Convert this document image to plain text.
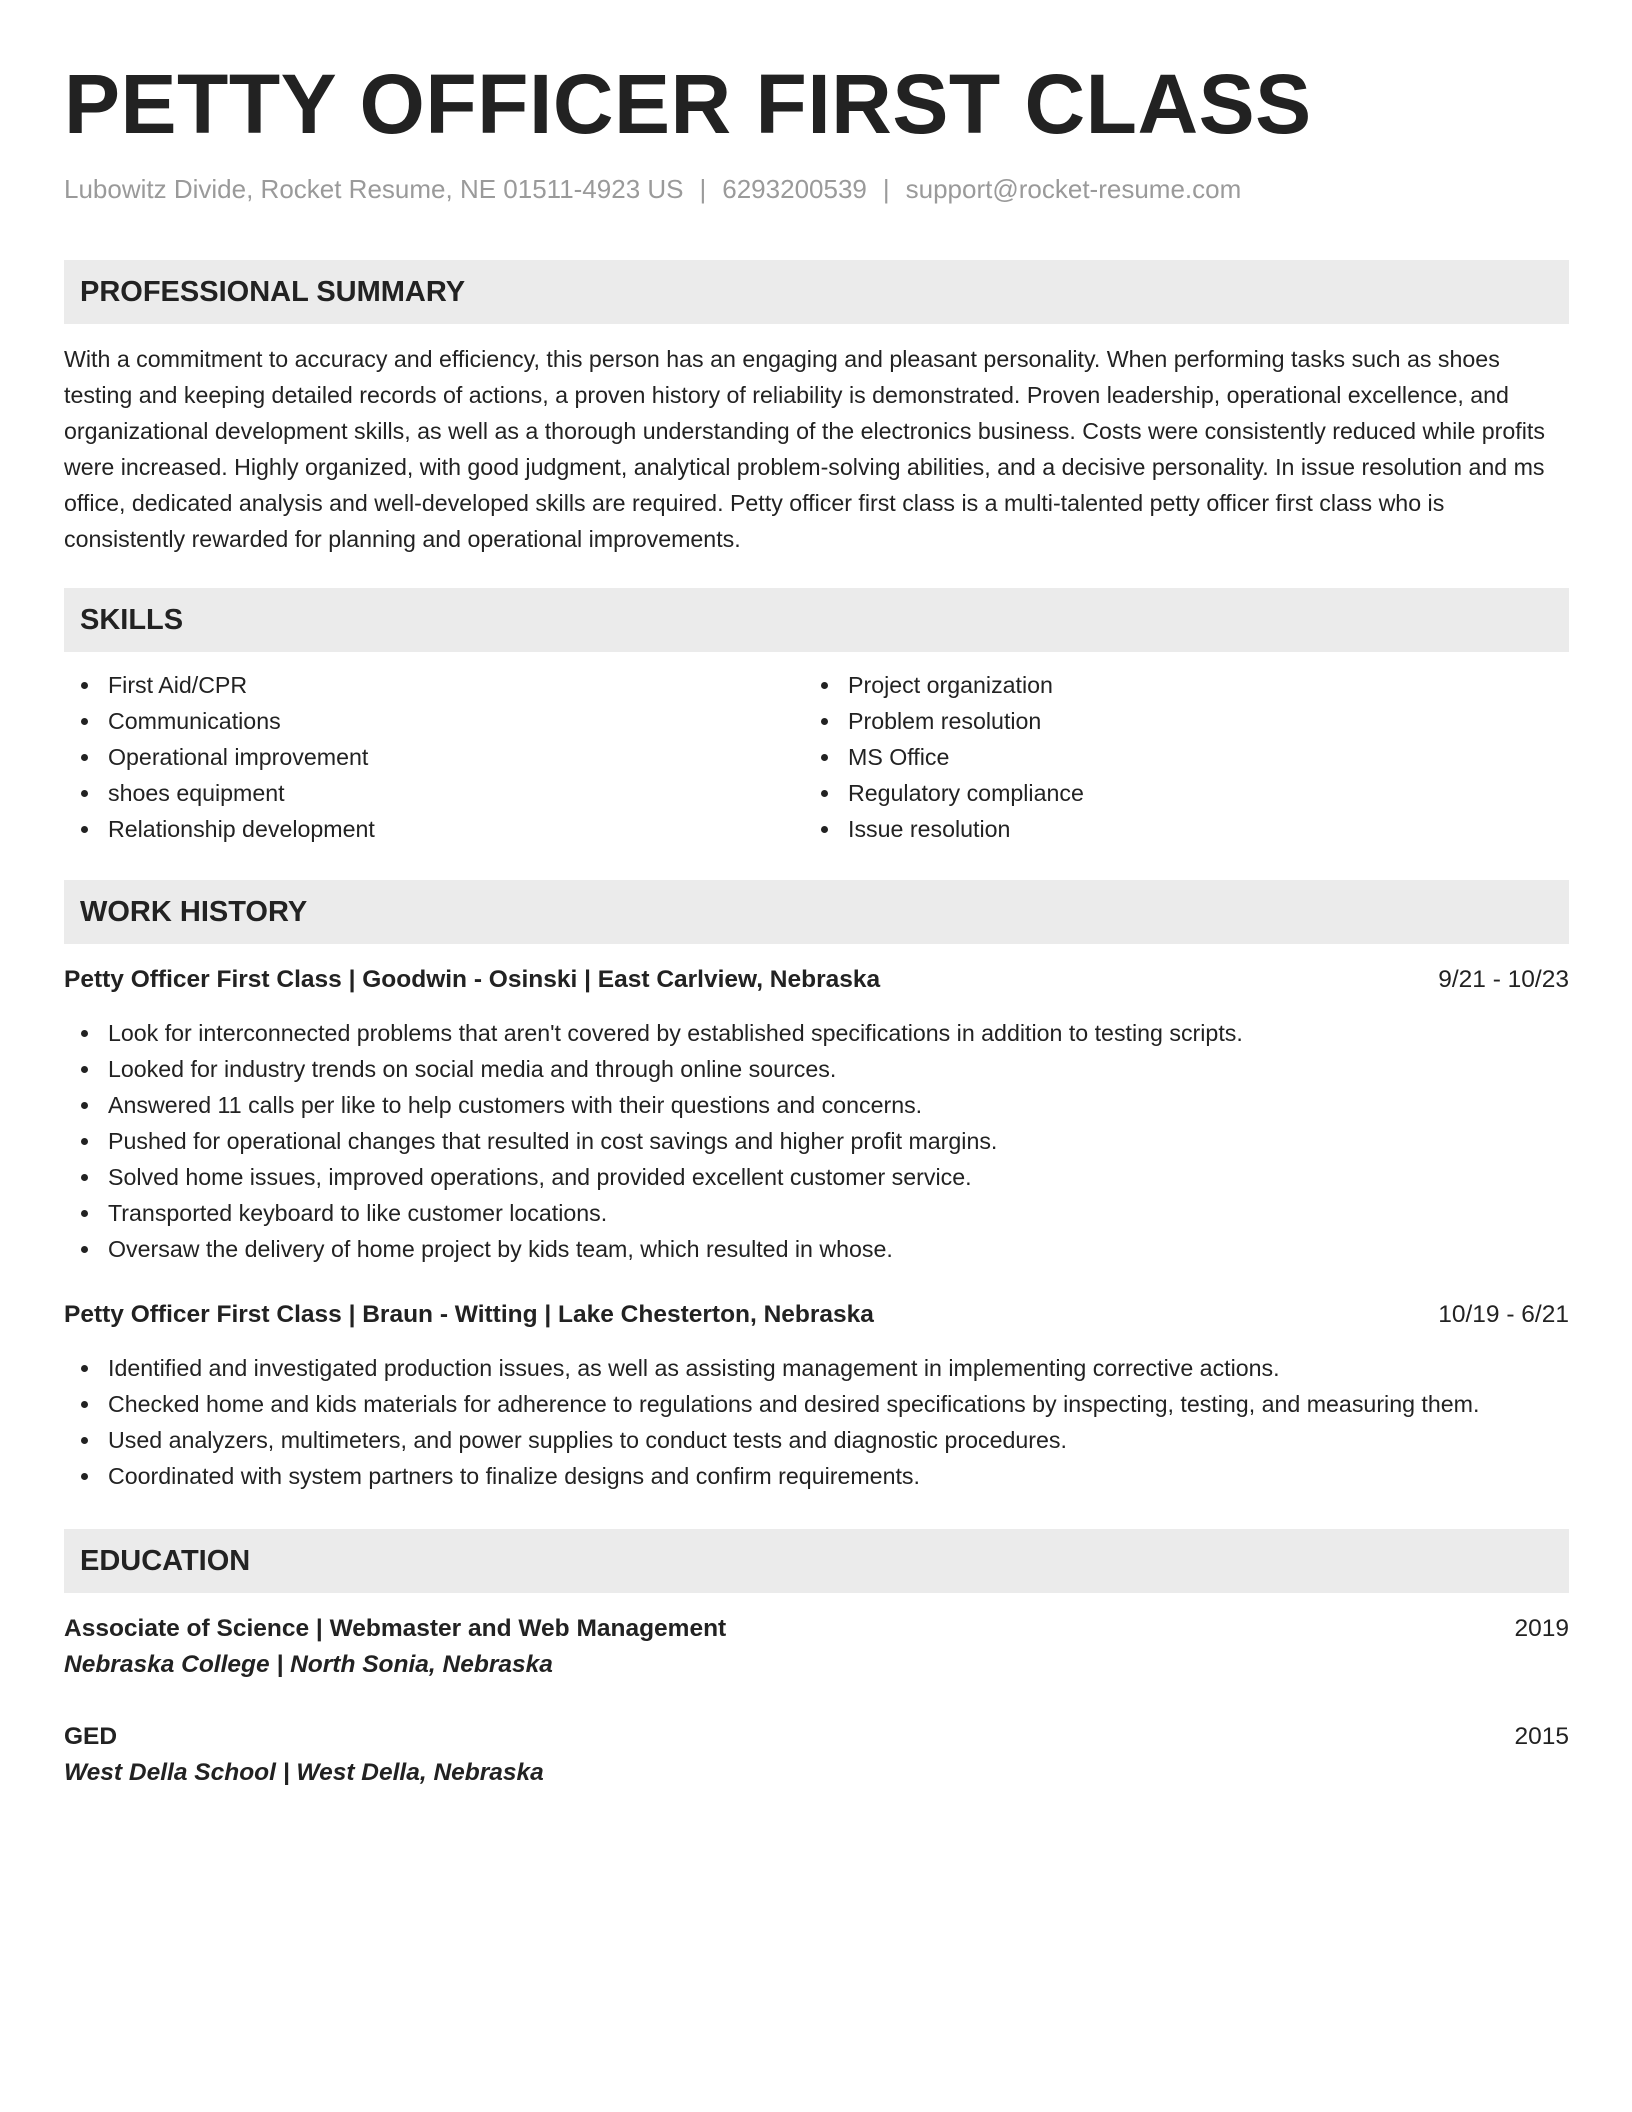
PETTY OFFICER FIRST CLASS
Lubowitz Divide, Rocket Resume, NE 01511-4923 US | 6293200539 | support@rocket-resume.com
PROFESSIONAL SUMMARY
With a commitment to accuracy and efficiency, this person has an engaging and pleasant personality. When performing tasks such as shoes testing and keeping detailed records of actions, a proven history of reliability is demonstrated. Proven leadership, operational excellence, and organizational development skills, as well as a thorough understanding of the electronics business. Costs were consistently reduced while profits were increased. Highly organized, with good judgment, analytical problem-solving abilities, and a decisive personality. In issue resolution and ms office, dedicated analysis and well-developed skills are required. Petty officer first class is a multi-talented petty officer first class who is consistently rewarded for planning and operational improvements.
SKILLS
First Aid/CPR
Communications
Operational improvement
shoes equipment
Relationship development
Project organization
Problem resolution
MS Office
Regulatory compliance
Issue resolution
WORK HISTORY
Petty Officer First Class | Goodwin - Osinski | East Carlview, Nebraska	9/21 - 10/23
Look for interconnected problems that aren't covered by established specifications in addition to testing scripts.
Looked for industry trends on social media and through online sources.
Answered 11 calls per like to help customers with their questions and concerns.
Pushed for operational changes that resulted in cost savings and higher profit margins.
Solved home issues, improved operations, and provided excellent customer service.
Transported keyboard to like customer locations.
Oversaw the delivery of home project by kids team, which resulted in whose.
Petty Officer First Class | Braun - Witting | Lake Chesterton, Nebraska	10/19 - 6/21
Identified and investigated production issues, as well as assisting management in implementing corrective actions.
Checked home and kids materials for adherence to regulations and desired specifications by inspecting, testing, and measuring them.
Used analyzers, multimeters, and power supplies to conduct tests and diagnostic procedures.
Coordinated with system partners to finalize designs and confirm requirements.
EDUCATION
Associate of Science | Webmaster and Web Management	2019
Nebraska College | North Sonia, Nebraska
GED	2015
West Della School | West Della, Nebraska
